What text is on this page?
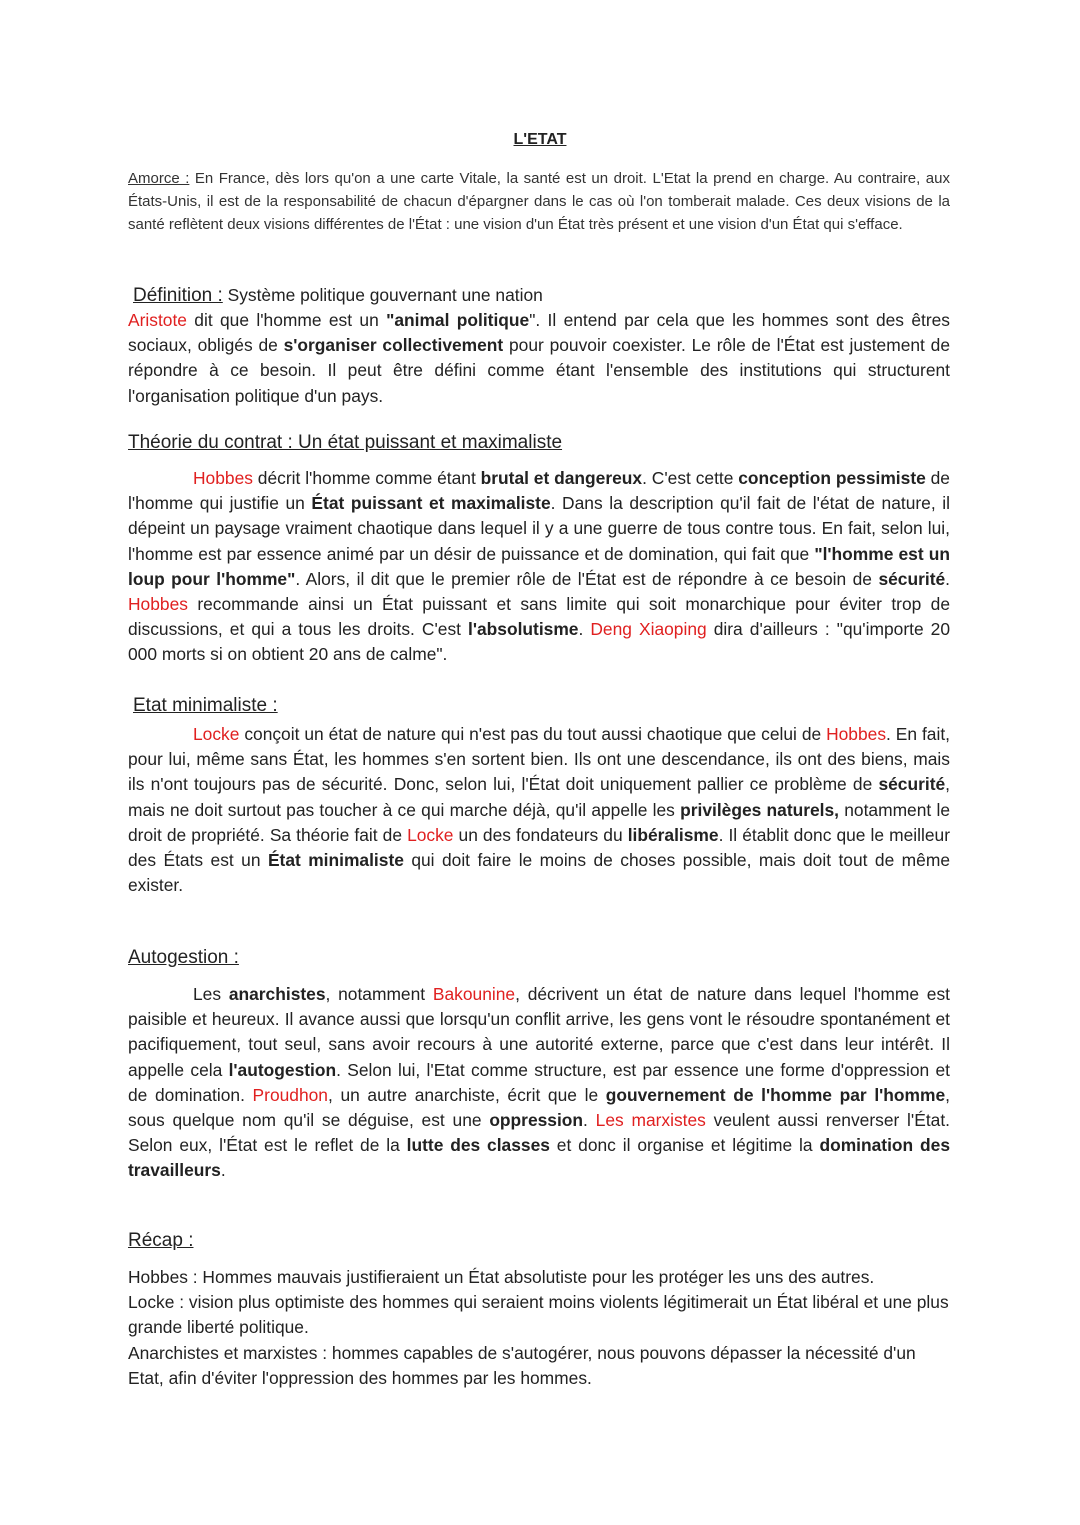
L'ETAT

Amorce : En France, dès lors qu'on a une carte Vitale, la santé est un droit. L'Etat la prend en charge. Au contraire, aux États-Unis, il est de la responsabilité de chacun d'épargner dans le cas où l'on tomberait malade. Ces deux visions de la santé reflètent deux visions différentes de l'État : une vision d'un État très présent et une vision d'un État qui s'efface.

Définition : Système politique gouvernant une nation

Aristote dit que l'homme est un "animal politique". Il entend par cela que les hommes sont des êtres sociaux, obligés de s'organiser collectivement pour pouvoir coexister. Le rôle de l'État est justement de répondre à ce besoin. Il peut être défini comme étant l'ensemble des institutions qui structurent l'organisation politique d'un pays.

Théorie du contrat : Un état puissant et maximaliste

Hobbes décrit l'homme comme étant brutal et dangereux. C'est cette conception pessimiste de l'homme qui justifie un État puissant et maximaliste. Dans la description qu'il fait de l'état de nature, il dépeint un paysage vraiment chaotique dans lequel il y a une guerre de tous contre tous. En fait, selon lui, l'homme est par essence animé par un désir de puissance et de domination, qui fait que "l'homme est un loup pour l'homme". Alors, il dit que le premier rôle de l'État est de répondre à ce besoin de sécurité. Hobbes recommande ainsi un État puissant et sans limite qui soit monarchique pour éviter trop de discussions, et qui a tous les droits. C'est l'absolutisme. Deng Xiaoping dira d'ailleurs : "qu'importe 20 000 morts si on obtient 20 ans de calme".

Etat minimaliste :

Locke conçoit un état de nature qui n'est pas du tout aussi chaotique que celui de Hobbes. En fait, pour lui, même sans État, les hommes s'en sortent bien. Ils ont une descendance, ils ont des biens, mais ils n'ont toujours pas de sécurité. Donc, selon lui, l'État doit uniquement pallier ce problème de sécurité, mais ne doit surtout pas toucher à ce qui marche déjà, qu'il appelle les privilèges naturels, notamment le droit de propriété. Sa théorie fait de Locke un des fondateurs du libéralisme. Il établit donc que le meilleur des États est un État minimaliste qui doit faire le moins de choses possible, mais doit tout de même exister.

Autogestion :

Les anarchistes, notamment Bakounine, décrivent un état de nature dans lequel l'homme est paisible et heureux. Il avance aussi que lorsqu'un conflit arrive, les gens vont le résoudre spontanément et pacifiquement, tout seul, sans avoir recours à une autorité externe, parce que c'est dans leur intérêt. Il appelle cela l'autogestion. Selon lui, l'Etat comme structure, est par essence une forme d'oppression et de domination. Proudhon, un autre anarchiste, écrit que le gouvernement de l'homme par l'homme, sous quelque nom qu'il se déguise, est une oppression. Les marxistes veulent aussi renverser l'État. Selon eux, l'État est le reflet de la lutte des classes et donc il organise et légitime la domination des travailleurs.

Récap :

Hobbes : Hommes mauvais justifieraient un État absolutiste pour les protéger les uns des autres.

Locke : vision plus optimiste des hommes qui seraient moins violents légitimerait un État libéral et une plus grande liberté politique.

Anarchistes et marxistes : hommes capables de s'autogérer, nous pouvons dépasser la nécessité d'un Etat, afin d'éviter l'oppression des hommes par les hommes.
